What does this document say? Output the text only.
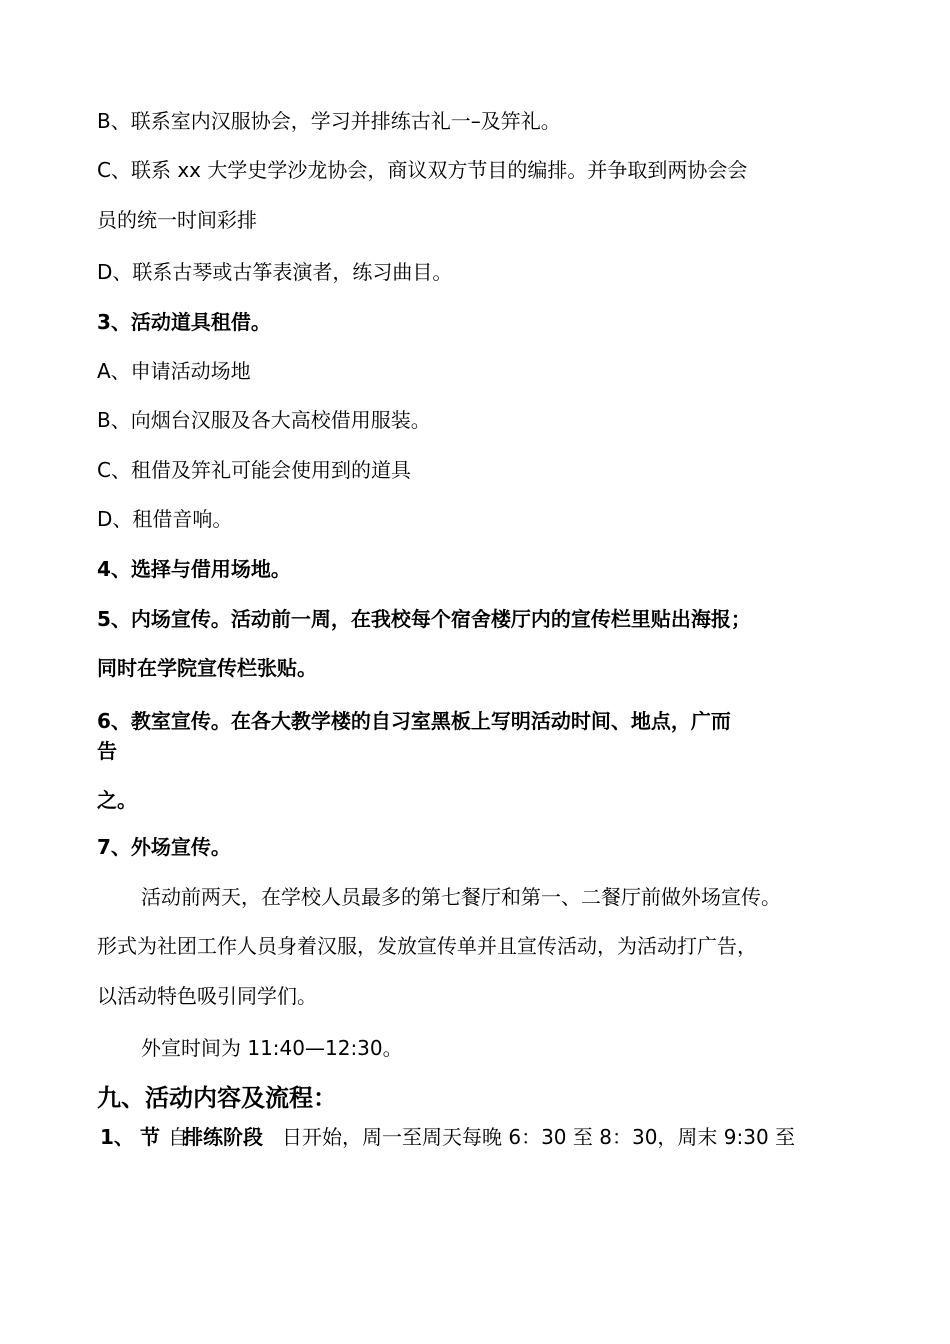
B、联系室内汉服协会，学习并排练古礼一–及笄礼。
C、联系 xx 大学史学沙龙协会，商议双方节目的编排。并争取到两协会会
员的统一时间彩排
D、联系古琴或古筝表演者，练习曲目。
3、活动道具租借。
A、申请活动场地
B、向烟台汉服及各大高校借用服装。
C、租借及笄礼可能会使用到的道具
D、租借音响。
4、选择与借用场地。
5、内场宣传。活动前一周，在我校每个宿舍楼厅内的宣传栏里贴出海报；
同时在学院宣传栏张贴。
6、教室宣传。在各大教学楼的自习室黑板上写明活动时间、地点，广而
告
之。
7、外场宣传。
活动前两天，在学校人员最多的第七餐厅和第一、二餐厅前做外场宣传。
形式为社团工作人员身着汉服，发放宣传单并且宣传活动，为活动打广告，
以活动特色吸引同学们。
外宣时间为 11:40—12:30。
九、活动内容及流程：
1、 节 自
排练阶段 日开始，周一至周天每晚 6：30 至 8：30，周末 9:30 至
